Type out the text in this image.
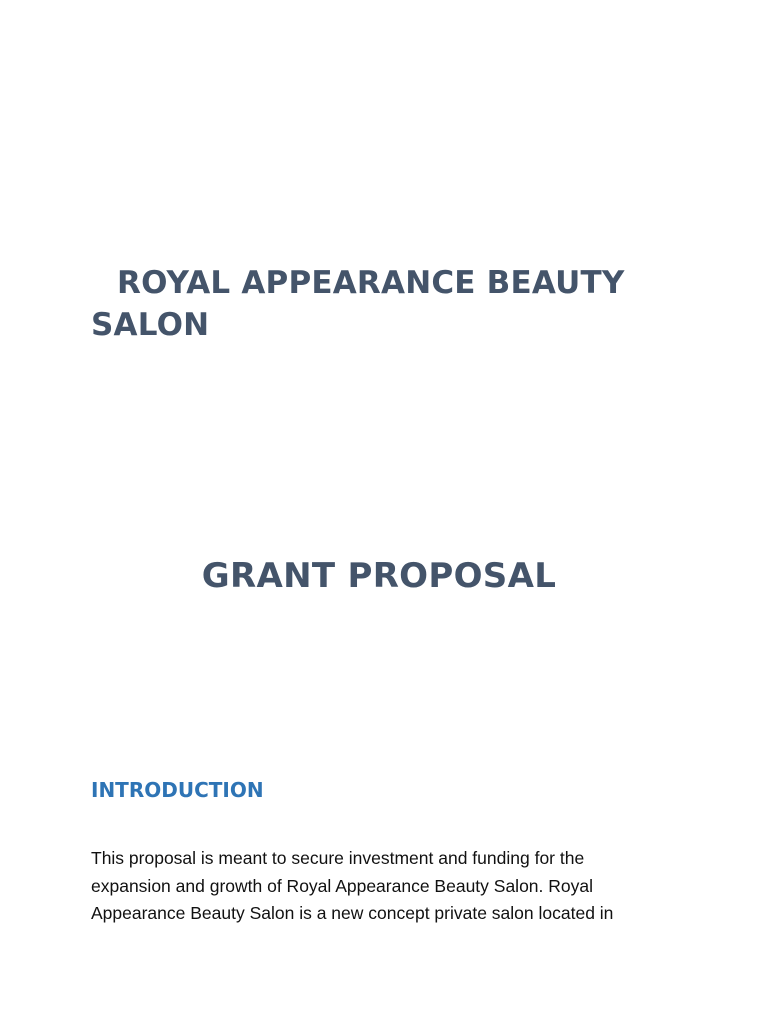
ROYAL APPEARANCE BEAUTY SALON
GRANT PROPOSAL
INTRODUCTION

This proposal is meant to secure investment and funding for the expansion and growth of Royal Appearance Beauty Salon. Royal Appearance Beauty Salon is a new concept private salon located in
